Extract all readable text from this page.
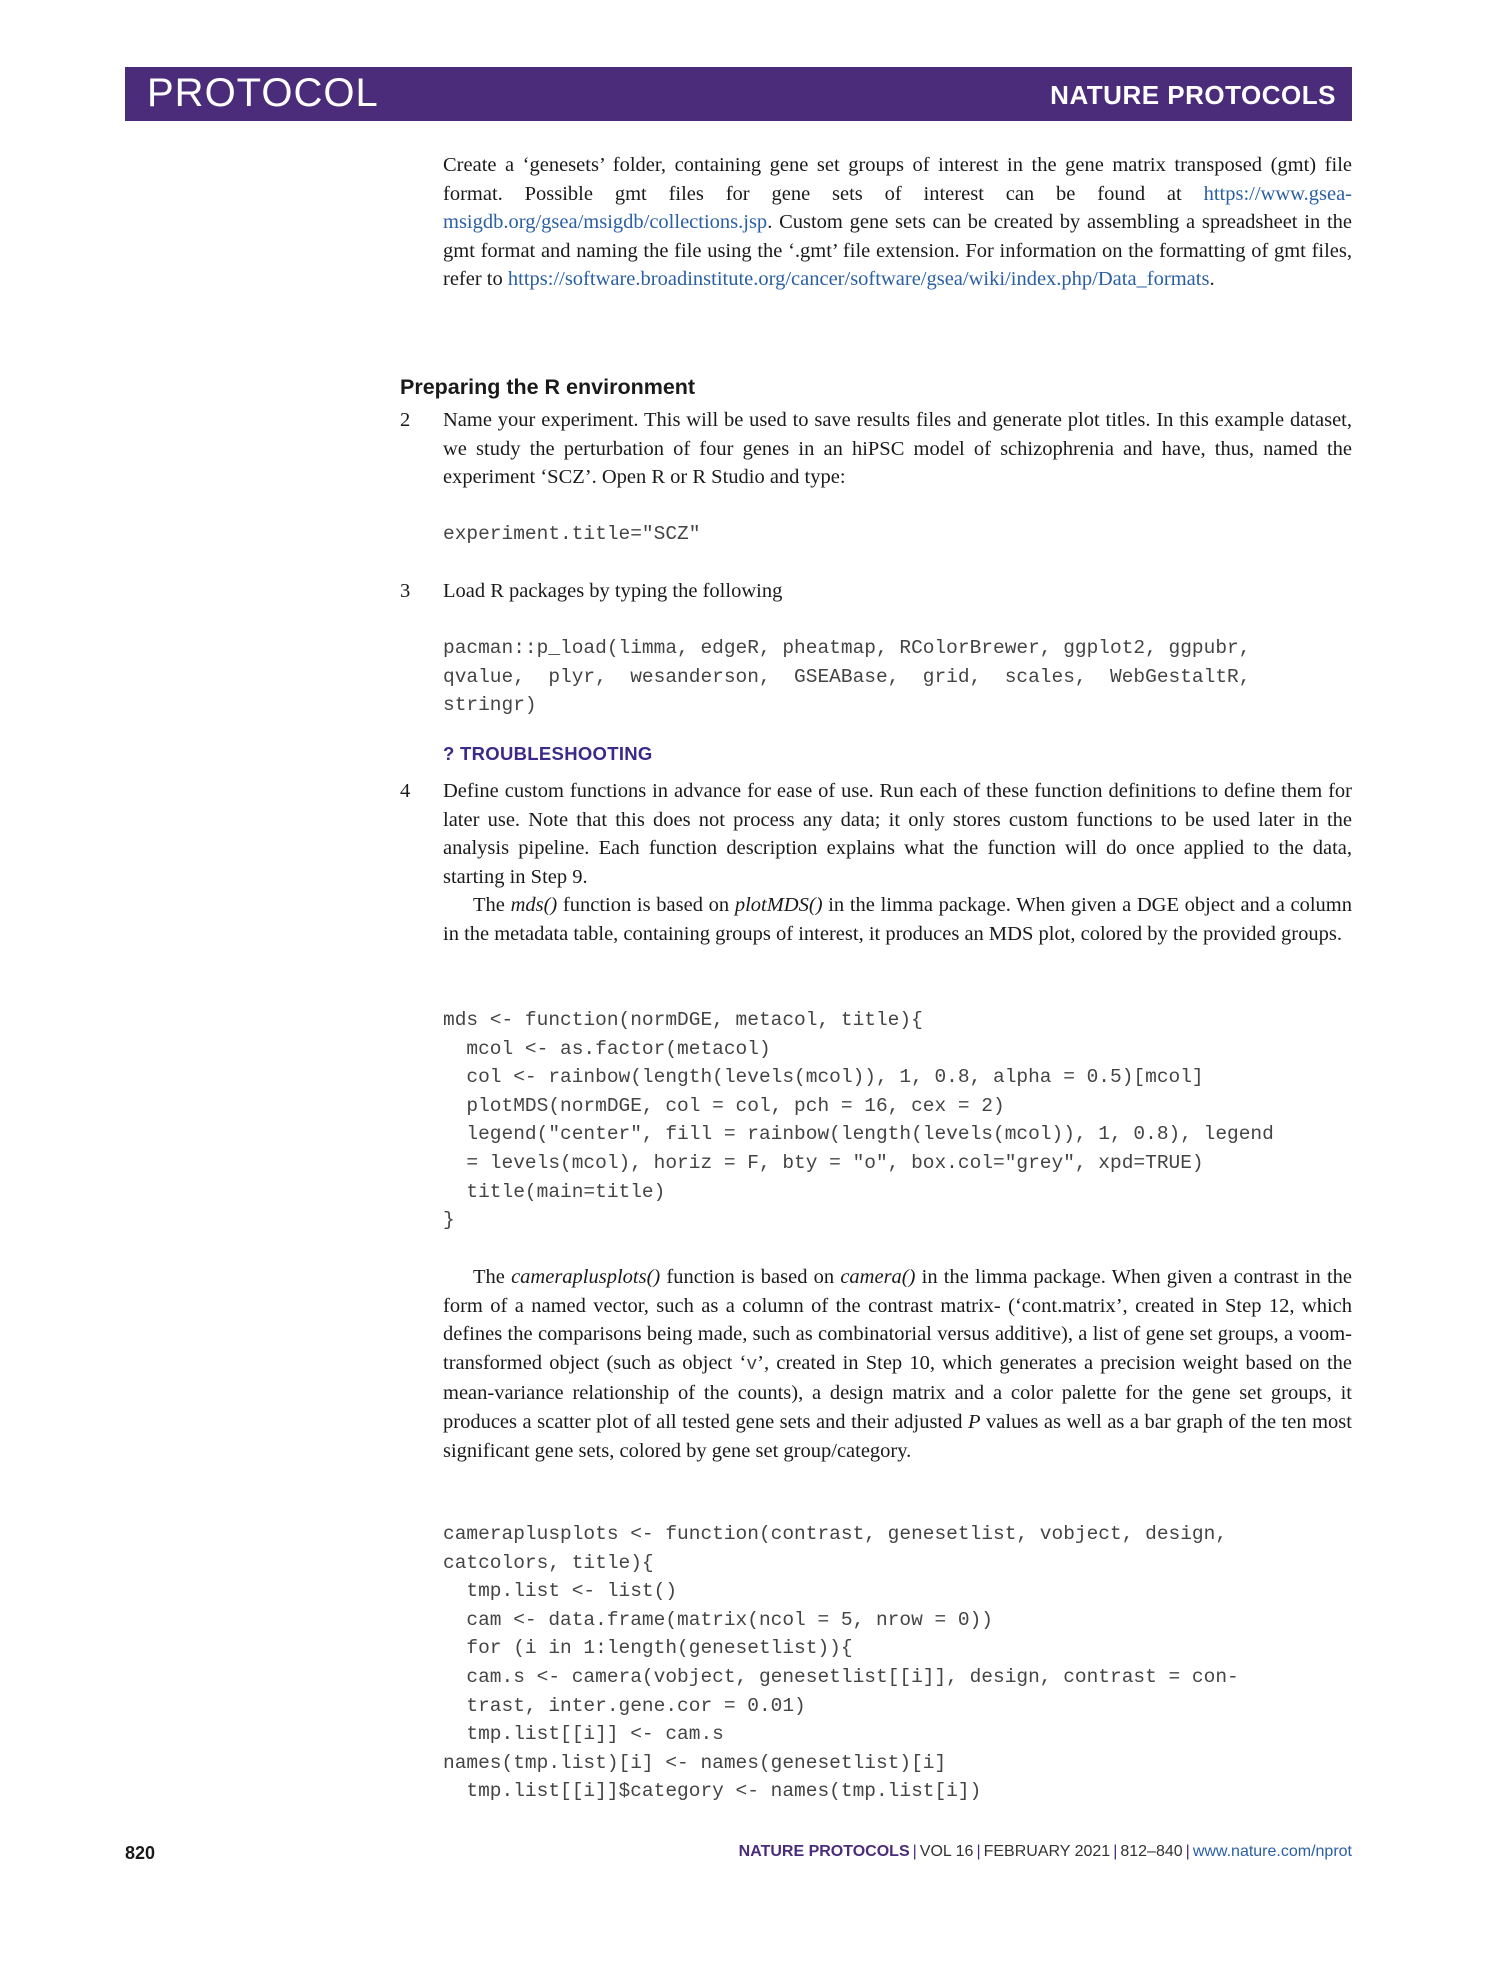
PROTOCOL	NATURE PROTOCOLS

Create a ‘genesets’ folder, containing gene set groups of interest in the gene matrix transposed (gmt) file format. Possible gmt files for gene sets of interest can be found at https://www.gsea-msigdb.org/gsea/msigdb/collections.jsp. Custom gene sets can be created by assembling a spreadsheet in the gmt format and naming the file using the ‘.gmt’ file extension. For information on the formatting of gmt files, refer to https://software.broadinstitute.org/cancer/software/gsea/wiki/index.php/Data_formats.

Preparing the R environment
2 Name your experiment. This will be used to save results files and generate plot titles. In this example dataset, we study the perturbation of four genes in an hiPSC model of schizophrenia and have, thus, named the experiment ‘SCZ’. Open R or R Studio and type:

experiment.title="SCZ"
3 Load R packages by typing the following

pacman::p_load(limma, edgeR, pheatmap, RColorBrewer, ggplot2, ggpubr,
qvalue,  plyr,  wesanderson,  GSEABase,  grid,  scales,  WebGestaltR,
stringr)
? TROUBLESHOOTING
4 Define custom functions in advance for ease of use. Run each of these function definitions to define them for later use. Note that this does not process any data; it only stores custom functions to be used later in the analysis pipeline. Each function description explains what the function will do once applied to the data, starting in Step 9.

The mds() function is based on plotMDS() in the limma package. When given a DGE object and a column in the metadata table, containing groups of interest, it produces an MDS plot, colored by the provided groups.

mds <- function(normDGE, metacol, title){
mcol <- as.factor(metacol)
col <- rainbow(length(levels(mcol)), 1, 0.8, alpha = 0.5)[mcol]
plotMDS(normDGE, col = col, pch = 16, cex = 2)
legend("center", fill = rainbow(length(levels(mcol)), 1, 0.8), legend
= levels(mcol), horiz = F, bty = "o", box.col="grey", xpd=TRUE)
title(main=title)
}

The cameraplusplots() function is based on camera() in the limma package. When given a contrast in the form of a named vector, such as a column of the contrast matrix- (‘cont.matrix’, created in Step 12, which defines the comparisons being made, such as combinatorial versus additive), a list of gene set groups, a voom-transformed object (such as object ‘v’, created in Step 10, which generates a precision weight based on the mean-variance relationship of the counts), a design matrix and a color palette for the gene set groups, it produces a scatter plot of all tested gene sets and their adjusted P values as well as a bar graph of the ten most significant gene sets, colored by gene set group/category.

cameraplusplots <- function(contrast, genesetlist, vobject, design,
catcolors, title){
tmp.list <- list()
cam <- data.frame(matrix(ncol = 5, nrow = 0))
for (i in 1:length(genesetlist)){
cam.s <- camera(vobject, genesetlist[[i]], design, contrast = con-
trast, inter.gene.cor = 0.01)
tmp.list[[i]] <- cam.s
names(tmp.list)[i] <- names(genesetlist)[i]
tmp.list[[i]]$category <- names(tmp.list[i])
820	NATURE PROTOCOLS | VOL 16 | FEBRUARY 2021 | 812–840 | www.nature.com/nprot
